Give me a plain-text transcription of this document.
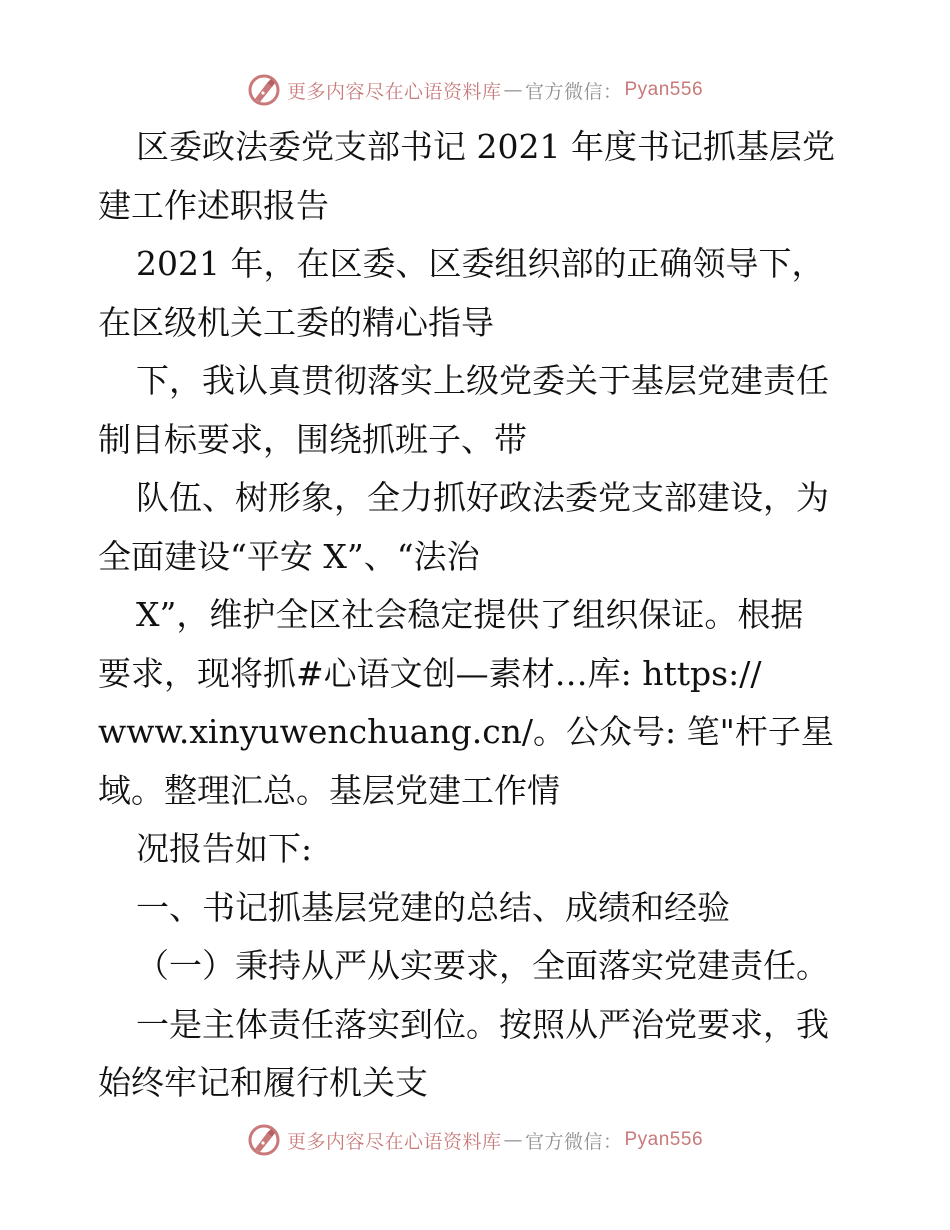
更多内容尽在心语资料库 — 官方微信： Pyan556
区委政法委党支部书记 2021 年度书记抓基层党
建工作述职报告
2021 年，在区委、区委组织部的正确领导下，
在区级机关工委的精心指导
下，我认真贯彻落实上级党委关于基层党建责任
制目标要求，围绕抓班子、带
队伍、树形象，全力抓好政法委党支部建设，为
全面建设“平安 X”、“法治
X”，维护全区社会稳定提供了组织保证。根据
要求，现将抓#心语文创—素材…库: https://
www.xinyuwenchuang.cn/。公众号: 笔"杆子星
域。整理汇总。基层党建工作情
况报告如下:
一、书记抓基层党建的总结、成绩和经验
（一）秉持从严从实要求，全面落实党建责任。
一是主体责任落实到位。按照从严治党要求，我
始终牢记和履行机关支
更多内容尽在心语资料库 — 官方微信： Pyan556
